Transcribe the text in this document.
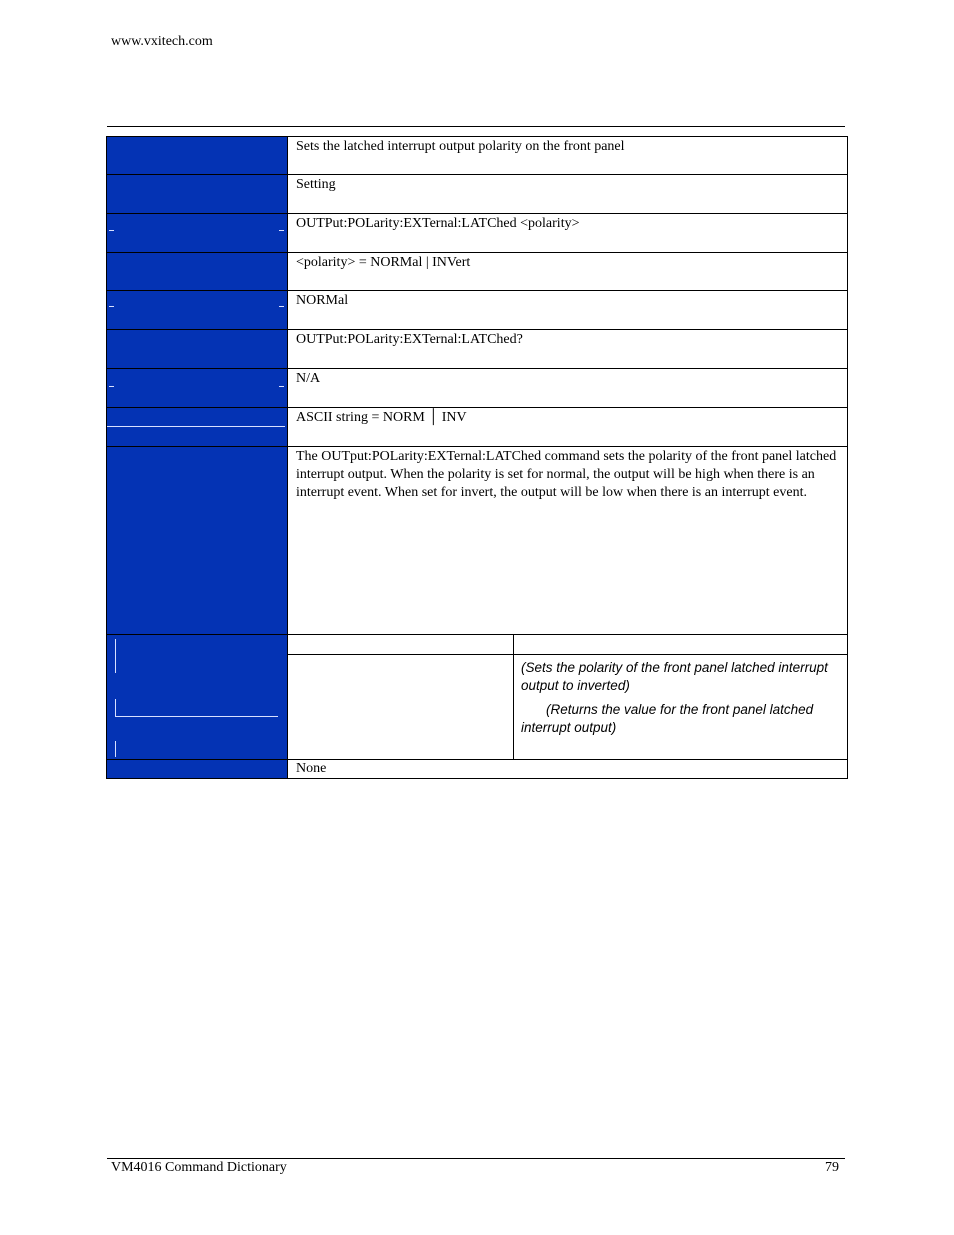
www.vxitech.com
	Sets the latched interrupt output polarity on the front panel
	Setting

	OUTPut:POLarity:EXTernal:LATChed <polarity>
	<polarity> = NORMal | INVert

	NORMal
	OUTPut:POLarity:EXTernal:LATChed?

	N/A

	ASCII string = NORM │ INV
	The OUTput:POLarity:EXTernal:LATChed command sets the polarity of the front panel latched interrupt output. When the polarity is set for normal, the output will be high when there is an interrupt event. When set for invert, the output will be low when there is an interrupt event.

(Sets the polarity of the front panel latched interrupt output to inverted)

(Returns the value for the front panel latched interrupt output)

	None
VM4016 Command Dictionary	79
